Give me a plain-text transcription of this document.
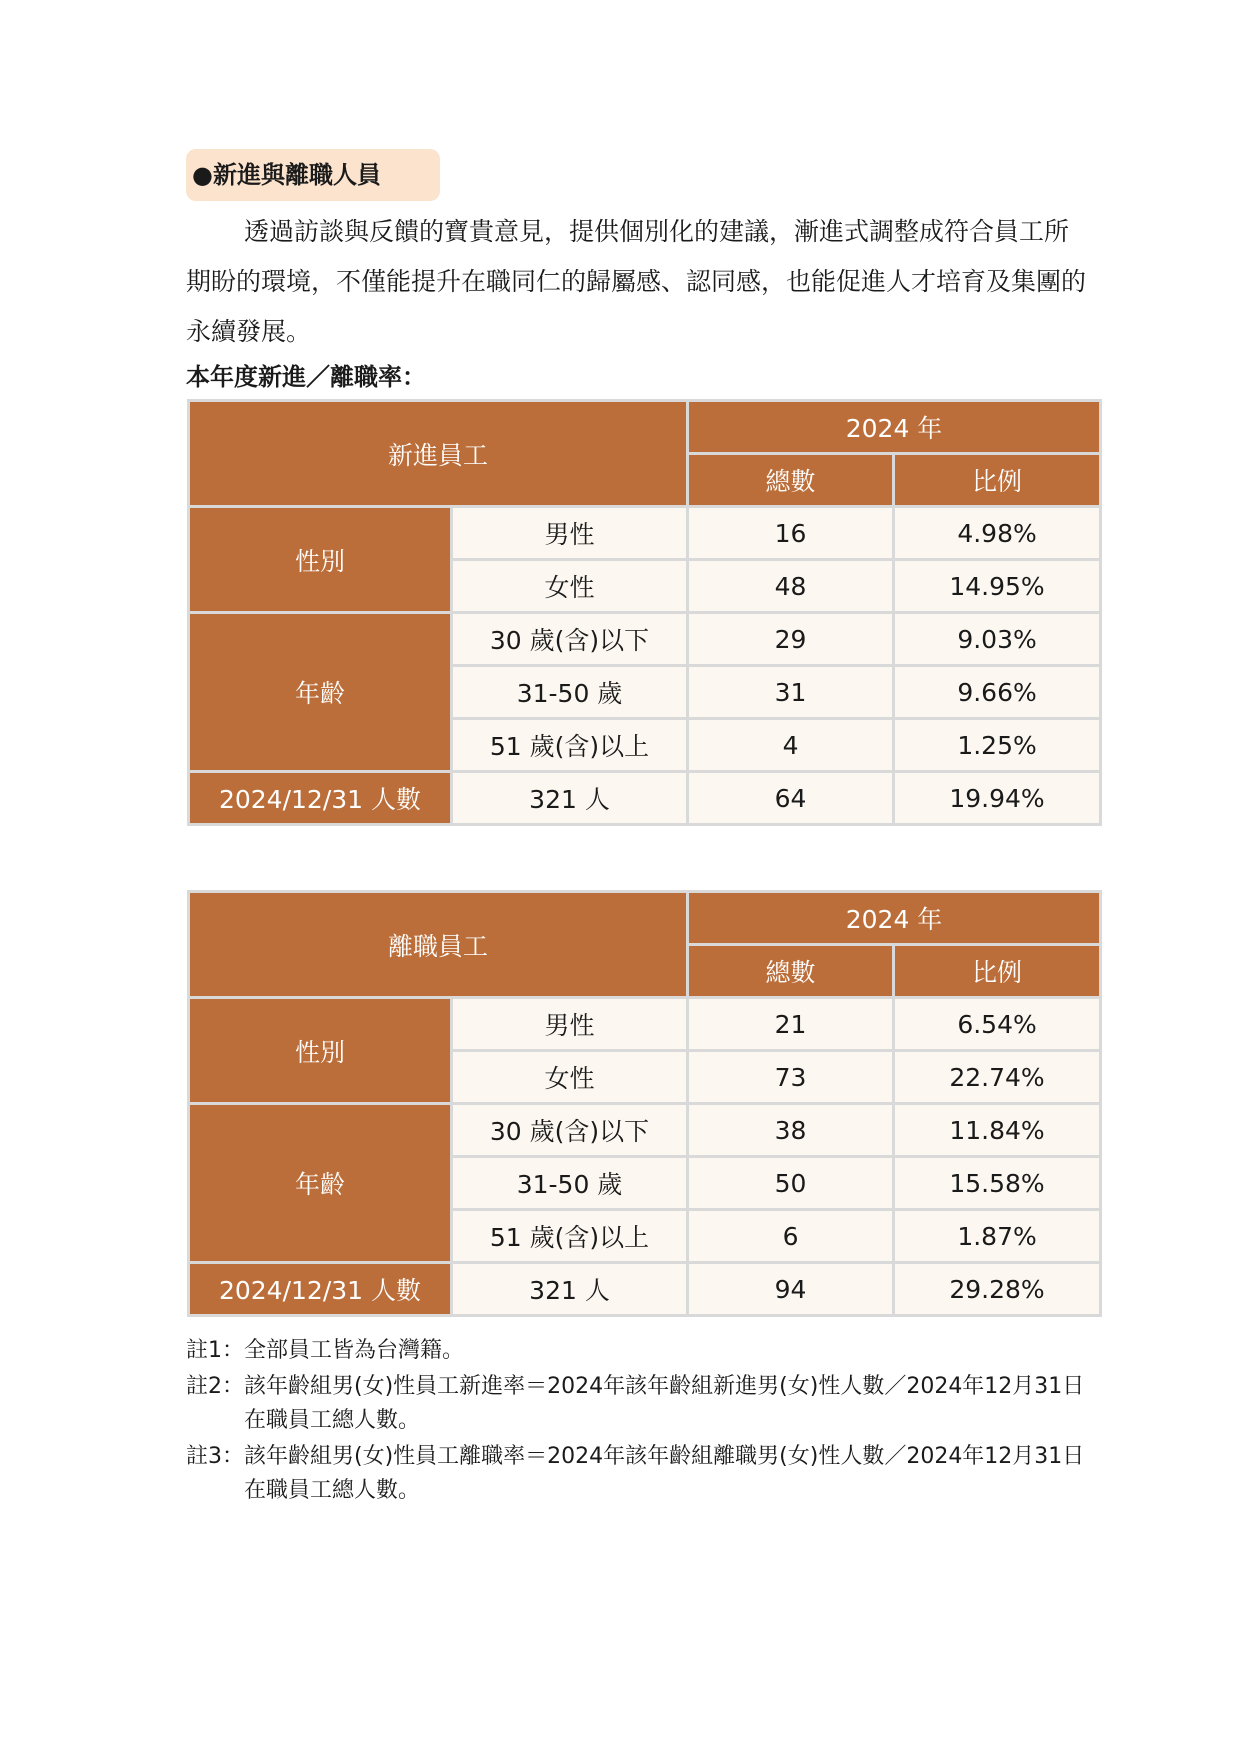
●新進與離職人員

透過訪談與反饋的寶貴意見，提供個別化的建議，漸進式調整成符合員工所期盼的環境，不僅能提升在職同仁的歸屬感、認同感，也能促進人才培育及集團的永續發展。

本年度新進／離職率：
新進員工		2024 年	
		總數	比例
性別	男性	16	4.98%
	女性	48	14.95%
年齡	30 歲(含)以下	29	9.03%
	31-50 歲	31	9.66%
	51 歲(含)以上	4	1.25%
2024/12/31 人數	321 人	64	19.94%
離職員工		2024 年	
		總數	比例
性別	男性	21	6.54%
	女性	73	22.74%
年齡	30 歲(含)以下	38	11.84%
	31-50 歲	50	15.58%
	51 歲(含)以上	6	1.87%
2024/12/31 人數	321 人	94	29.28%
註1： 全部員工皆為台灣籍。
註2： 該年齡組男(女)性員工新進率＝2024年該年齡組新進男(女)性人數／2024年12月31日在職員工總人數。
註3： 該年齡組男(女)性員工離職率＝2024年該年齡組離職男(女)性人數／2024年12月31日在職員工總人數。
